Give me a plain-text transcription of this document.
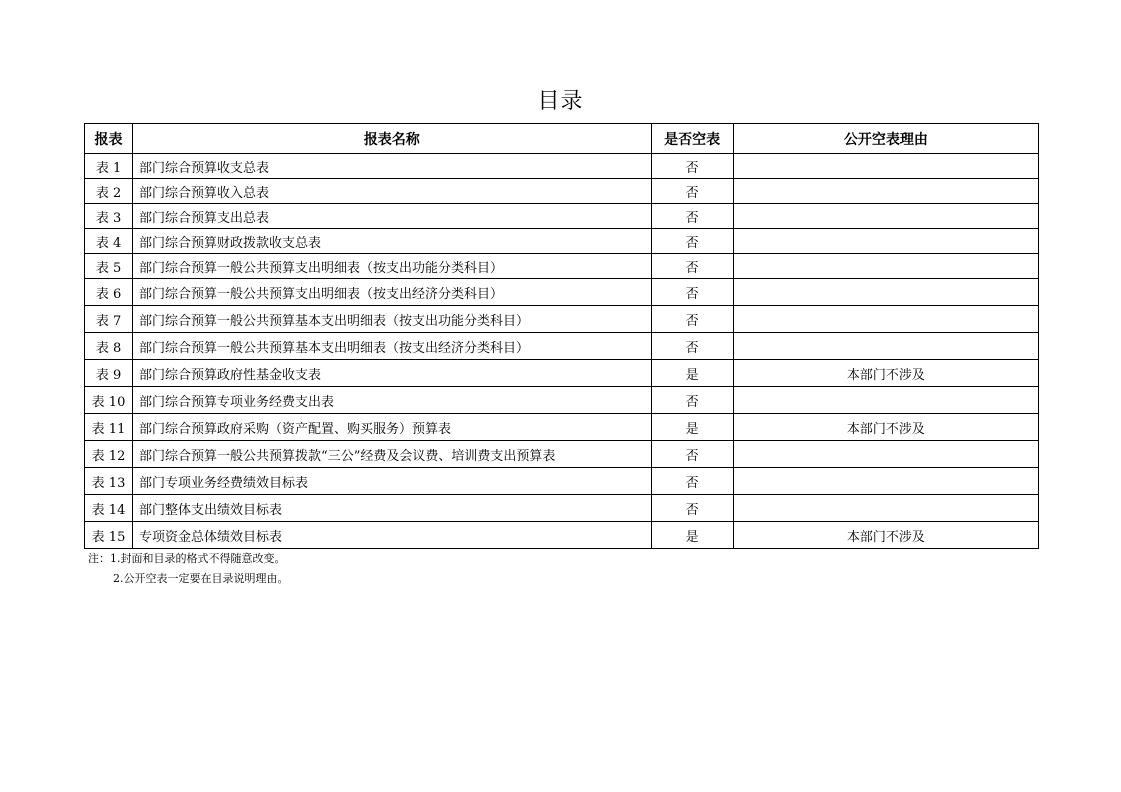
目录
报表	报表名称	是否空表	公开空表理由
表 1	部门综合预算收支总表	否	
表 2	部门综合预算收入总表	否	
表 3	部门综合预算支出总表	否	
表 4	部门综合预算财政拨款收支总表	否	
表 5	部门综合预算一般公共预算支出明细表（按支出功能分类科目）	否	
表 6	部门综合预算一般公共预算支出明细表（按支出经济分类科目）	否	
表 7	部门综合预算一般公共预算基本支出明细表（按支出功能分类科目）	否	
表 8	部门综合预算一般公共预算基本支出明细表（按支出经济分类科目）	否	
表 9	部门综合预算政府性基金收支表	是	本部门不涉及
表 10	部门综合预算专项业务经费支出表	否	
表 11	部门综合预算政府采购（资产配置、购买服务）预算表	是	本部门不涉及
表 12	部门综合预算一般公共预算拨款“三公”经费及会议费、培训费支出预算表	否	
表 13	部门专项业务经费绩效目标表	否	
表 14	部门整体支出绩效目标表	否	
表 15	专项资金总体绩效目标表	是	本部门不涉及
注：1.封面和目录的格式不得随意改变。
2.公开空表一定要在目录说明理由。
